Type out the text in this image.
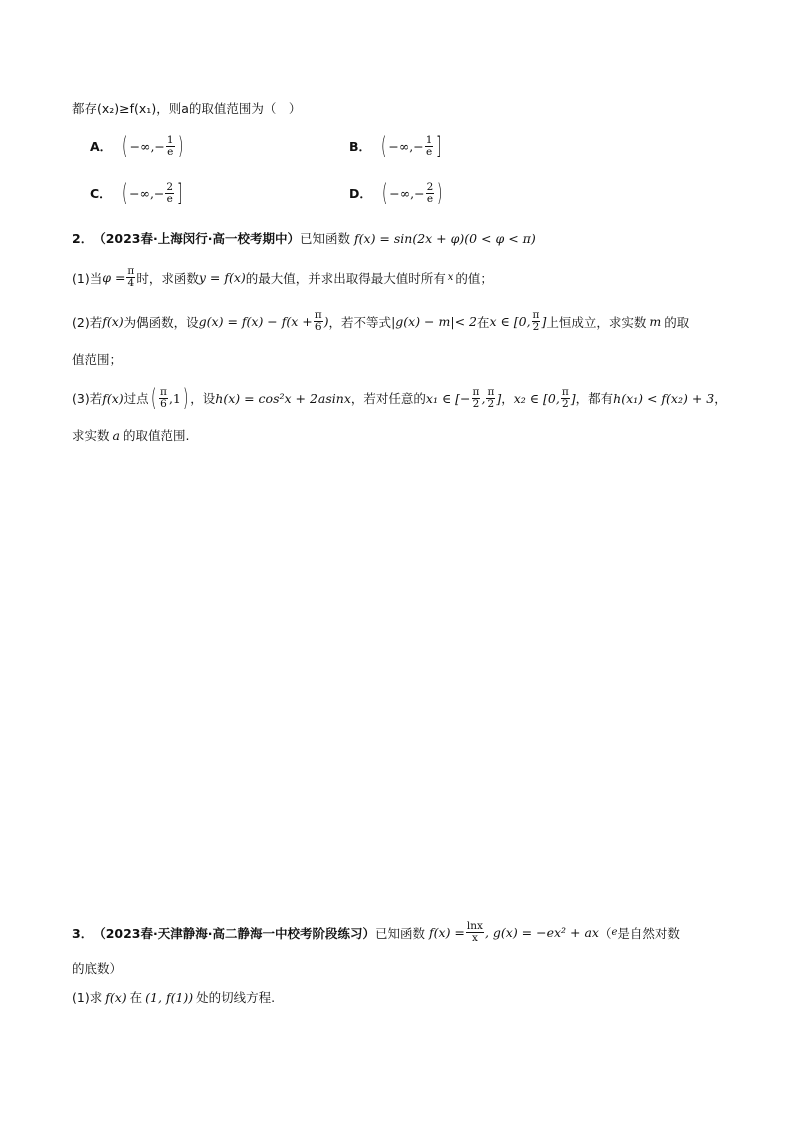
都存(x₂)≥f(x₁)，则a的取值范围为（　）
A． ( −∞,− $\frac{1}{e}$ )	B． ( −∞,− $\frac{1}{e}$ ]
C． ( −∞,− $\frac{2}{e}$ ]	D． ( −∞,− $\frac{2}{e}$ )
2． （2023春·上海闵行·高一校考期中） 已知函数 f(x) = sin(2x + φ)(0 < φ < π)
(1)当 $\varphi = \frac{\pi}{4}$ 时，求函数 y = f(x) 的最大值，并求出取得最大值时所有 x 的值；
(2)若 f(x) 为偶函数，设 $g(x) = f(x) - f(x + \frac{\pi}{6}$ ) ，若不等式 |g(x) − m|< 2 在 x ∈ [0, $\frac{\pi}{2}$ ] 上恒成立，求实数 m 的取
值范围；
(3)若 f(x) 过点 ( $\frac{\pi}{6} ,1$ ) ，设 h(x) = cos²x + 2asinx ，若对任意的 x₁ ∈ [− $\frac{\pi}{2}$ , $\frac{\pi}{2}$ ] ， x₂ ∈ [0, $\frac{\pi}{2}$ ] ，都有 h(x₁) < f(x₂) + 3 ，
求实数 a 的取值范围.
3． （2023春·天津静海·高二静海一中校考阶段练习） 已知函数 $f(x) = \frac{\ln x}{x}$ , g(x) = −ex² + ax （ e 是自然对数
的底数）
(1)求 f(x) 在 (1, f(1)) 处的切线方程.
